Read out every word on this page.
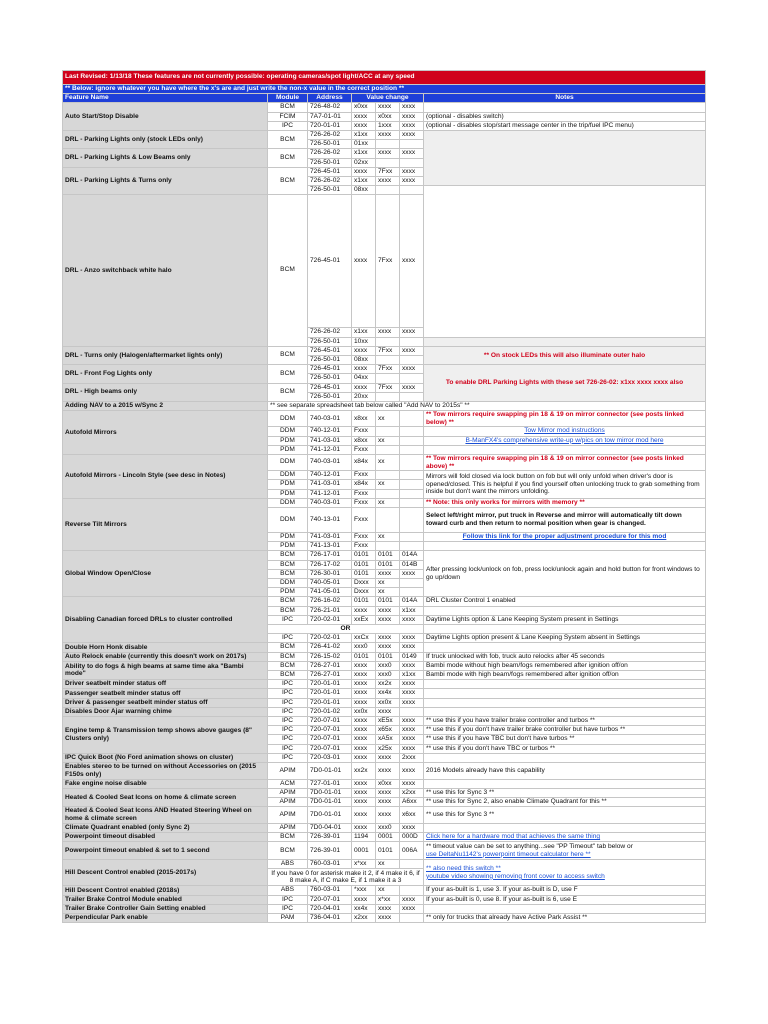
Last Revised: 1/13/18 These features are not currently possible: operating cameras/spot light/ACC at any speed							
** Below: ignore whatever you have where the x's are and just write the non-x value in the correct position **							
Feature Name	Module	Address	Value change			Notes	
Auto Start/Stop Disable	BCM	726-48-02	x0xx	xxxx	xxxx		
	FCIM	7A7-01-01	xxxx	x0xx	xxxx	(optional - disables switch)	
	IPC	720-01-01	xxxx	1xxx	xxxx	(optional - disables stop/start message center in the trip/fuel IPC menu)	
DRL - Parking Lights only (stock LEDs only)	BCM	726-26-02	x1xx	xxxx	xxxx		
		726-50-01	01xx				
DRL - Parking Lights & Low Beams only	BCM	726-26-02	x1xx	xxxx	xxxx		
		726-50-01	02xx				
DRL - Parking Lights & Turns only	BCM	726-45-01	xxxx	7Fxx	xxxx		
		726-26-02	x1xx	xxxx	xxxx	
		726-50-01	08xx				
DRL - Anzo switchback white halo	BCM	726-45-01	xxxx	7Fxx	xxxx		
		726-26-02	x1xx	xxxx	xxxx		
		726-50-01	10xx				
DRL - Turns only (Halogen/aftermarket lights only)	BCM	726-45-01	xxxx	7Fxx	xxxx	** On stock LEDs this will also illuminate outer halo	
		726-50-01	08xx				
DRL - Front Fog Lights only	BCM	726-45-01	xxxx	7Fxx	xxxx	To enable DRL Parking Lights with these set 726-26-02: x1xx xxxx xxxx also	
		726-50-01	04xx				
DRL - High beams only	BCM	726-45-01	xxxx	7Fxx	xxxx		
		726-50-01	20xx				
Adding NAV to a 2015 w/Sync 2	** see separate spreadsheet tab below called "Add NAV to 2015s" **						
Autofold Mirrors	DDM	740-03-01	x8xx	xx		** Tow mirrors require swapping pin 18 & 19 on mirror connector (see posts linked below) **	
	DDM	740-12-01	Fxxx			Tow Mirror mod instructions	
	PDM	741-03-01	x8xx	xx		B-ManFX4's comprehensive write-up w/pics on tow mirror mod here	
	PDM	741-12-01	Fxxx				
Autofold Mirrors - Lincoln Style (see desc in Notes)	DDM	740-03-01	x84x	xx		** Tow mirrors require swapping pin 18 & 19 on mirror connector (see posts linked above) **	
	DDM	740-12-01	Fxxx			Mirrors will fold closed via lock button on fob but will only unfold when driver's door is opened/closed. This is helpful if you find yourself often unlocking truck to grab something from inside but don't want the mirrors unfolding.	
	PDM	741-03-01	x84x	xx			
	PDM	741-12-01	Fxxx				
Reverse Tilt Mirrors	DDM	740-03-01	Fxxx	xx		** Note: this only works for mirrors with memory **	
	DDM	740-13-01	Fxxx			Select left/right mirror, put truck in Reverse and mirror will automatically tilt down toward curb and then return to normal position when gear is changed.	
	PDM	741-03-01	Fxxx	xx		Follow this link for the proper adjustment procedure for this mod	
	PDM	741-13-01	Fxxx				
Global Window Open/Close	BCM	726-17-01	0101	0101	014A	After pressing lock/unlock on fob, press lock/unlock again and hold button for front windows to go up/down	
	BCM	726-17-02	0101	0101	014B		
	BCM	726-30-01	0101	xxxx	xxxx		
	DDM	740-05-01	Dxxx	xx			
	PDM	741-05-01	Dxxx	xx			
Disabling Canadian forced DRLs to cluster controlled	BCM	726-16-02	0101	0101	014A	DRL Cluster Control 1 enabled	
	BCM	726-21-01	xxxx	xxxx	x1xx		
	IPC	720-02-01	xxEx	xxxx	xxxx	Daytime Lights option & Lane Keeping System present in Settings	
	OR						
	IPC	720-02-01	xxCx	xxxx	xxxx	Daytime Lights option present & Lane Keeping System absent in Settings	
Double Horn Honk disable	BCM	726-41-02	xxx0	xxxx	xxxx		
Auto Relock enable (currently this doesn't work on 2017s)	BCM	726-15-02	0101	0101	0149	If truck unlocked with fob, truck auto relocks after 45 seconds	
Ability to do fogs & high beams at same time aka "Bambi mode"	BCM	726-27-01	xxxx	xxx0	xxxx	Bambi mode without high beam/fogs remembered after ignition off/on	
	BCM	726-27-01	xxxx	xxx0	x1xx	Bambi mode with high beam/fogs remembered after ignition off/on	
Driver seatbelt minder status off	IPC	720-01-01	xxxx	xx2x	xxxx		
Passenger seatbelt minder status off	IPC	720-01-01	xxxx	xx4x	xxxx		
Driver & passenger seatbelt minder status off	IPC	720-01-01	xxxx	xx0x	xxxx		
Disables Door Ajar warning chime	IPC	720-01-02	xx0x	xxxx			
Engine temp & Transmission temp shows above gauges (8" Clusters only)	IPC	720-07-01	xxxx	xE5x	xxxx	** use this if you have trailer brake controller and turbos **	
	IPC	720-07-01	xxxx	x65x	xxxx	** use this if you don't have trailer brake controller but have turbos **	
	IPC	720-07-01	xxxx	xA5x	xxxx	** use this if you have TBC but don't have turbos **	
	IPC	720-07-01	xxxx	x25x	xxxx	** use this if you don't have TBC or turbos **	
IPC Quick Boot (No Ford animation shows on cluster)	IPC	720-03-01	xxxx	xxxx	2xxx		
Enables stereo to be turned on without Accessories on (2015 F150s only)	APIM	7D0-01-01	xx2x	xxxx	xxxx	2016 Models already have this capability	
Fake engine noise disable	ACM	727-01-01	xxxx	x0xx	xxxx		
Heated & Cooled Seat Icons on home & climate screen	APIM	7D0-01-01	xxxx	xxxx	x2xx	** use this for Sync 3 **	
	APIM	7D0-01-01	xxxx	xxxx	A6xx	** use this for Sync 2, also enable Climate Quadrant for this **	
Heated & Cooled Seat Icons AND Heated Steering Wheel on home & climate screen	APIM	7D0-01-01	xxxx	xxxx	x6xx	** use this for Sync 3 **	
Climate Quadrant enabled (only Sync 2)	APIM	7D0-04-01	xxxx	xxx0	xxxx		
Powerpoint timeout disabled	BCM	726-39-01	1194	0001	000D	Click here for a hardware mod that achieves the same thing	
Powerpoint timeout enabled & set to 1 second	BCM	726-39-01	0001	0101	006A	** timeout value can be set to anything...see "PP Timeout" tab below or
use DeltaNu1142's powerpoint timeout calculator here **	

Hill Descent Control enabled (2015-2017s)	ABS	760-03-01	x*xx	xx		** also need this switch **
youtube video showing removing front cover to access switch	

	If you have 0 for asterisk make it 2, if 4 make it 6, if 8 make A, if C make E, if 1 make it a 3						
Hill Descent Control enabled (2018s)	ABS	760-03-01	*xxx	xx		If your as-built is 1, use 3. If your as-built is D, use F	
Trailer Brake Control Module enabled	IPC	720-07-01	xxxx	x*xx	xxxx	If your as-built is 0, use 8. If your as-built is 6, use E	
Trailer Brake Controller Gain Setting enabled	IPC	720-04-01	xx4x	xxxx	xxxx		
Perpendicular Park enable	PAM	736-04-01	x2xx	xxxx		** only for trucks that already have Active Park Assist **	
